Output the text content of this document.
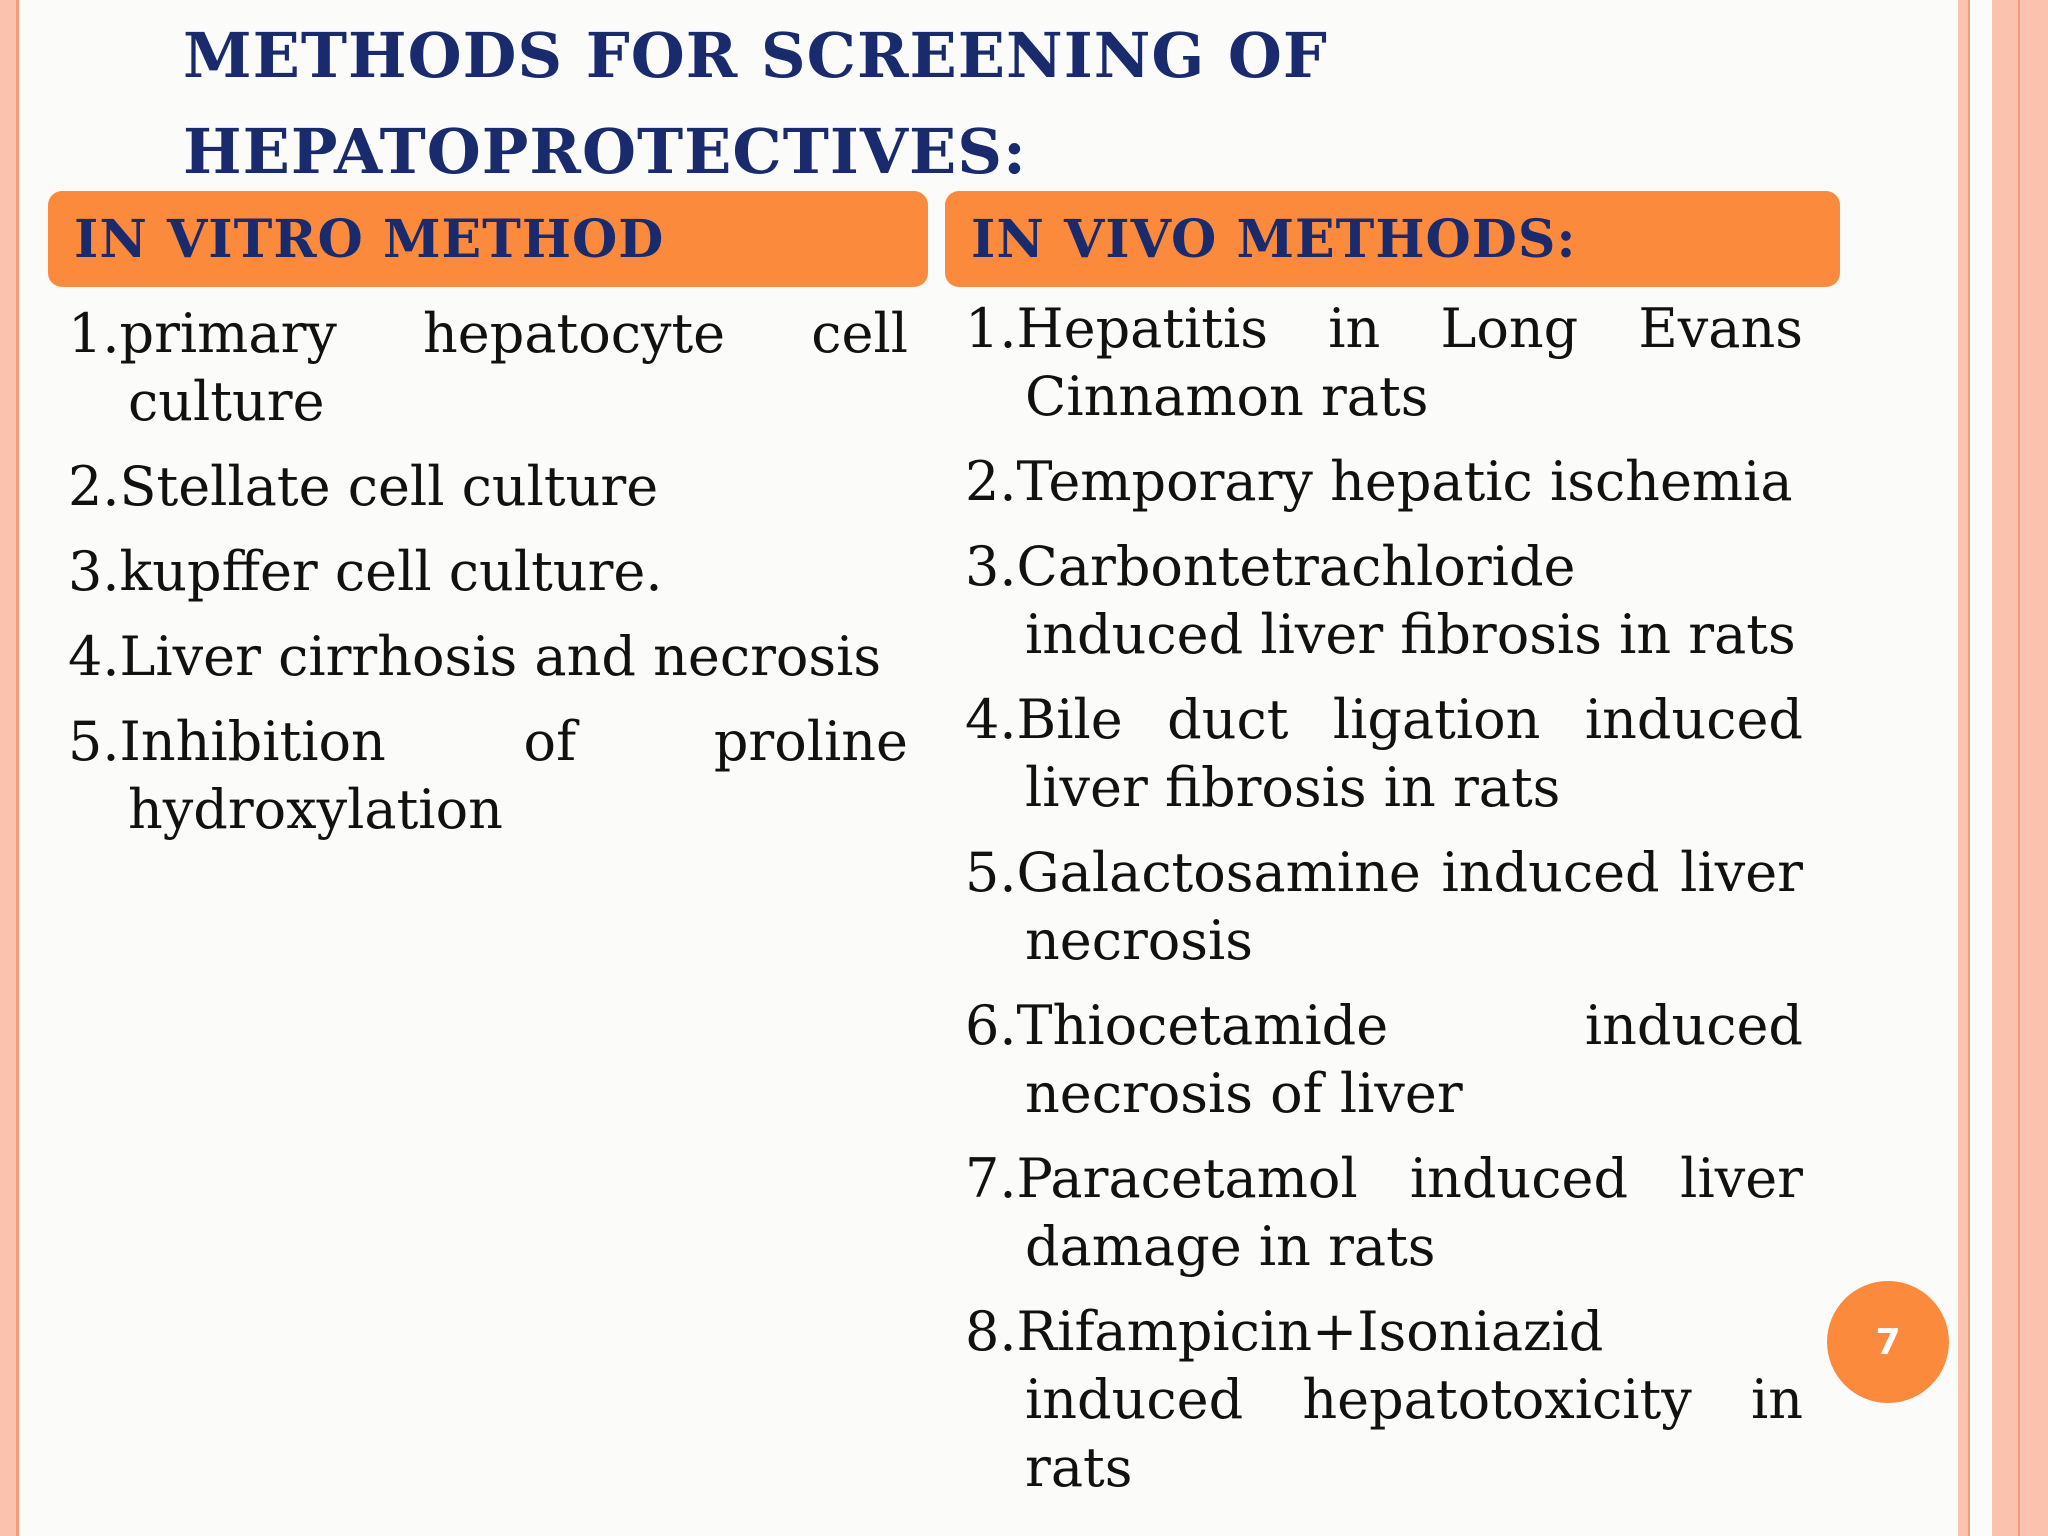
METHODS FOR SCREENING OF HEPATOPROTECTIVES:
IN VITRO METHOD	IN VIVO METHODS:
1.primary hepatocyte cell culture
2.Stellate cell culture
3.kupffer cell culture.
4.Liver cirrhosis and necrosis
5.Inhibition of proline hydroxylation
1.Hepatitis in Long Evans Cinnamon rats
2.Temporary hepatic ischemia
3.Carbontetrachloride induced liver fibrosis in rats
4.Bile duct ligation induced liver fibrosis in rats
5.Galactosamine induced liver necrosis
6.Thiocetamide induced necrosis of liver
7.Paracetamol induced liver damage in rats
8.Rifampicin+Isoniazid induced hepatotoxicity in rats
7
